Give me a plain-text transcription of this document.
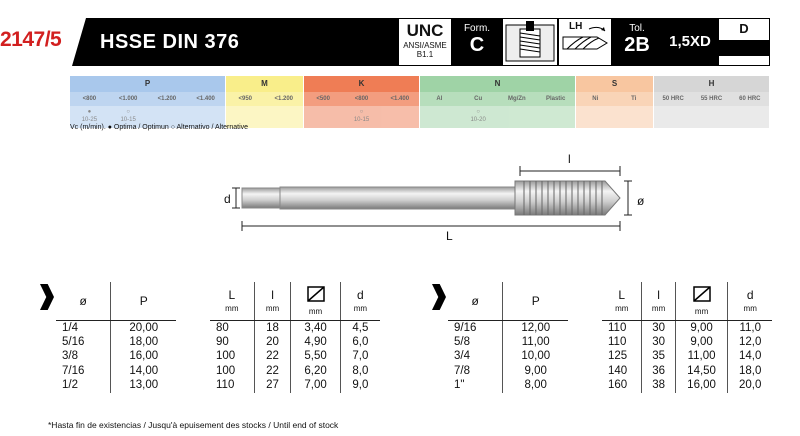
2147/5	HSSE DIN 376
UNC
ANSI/ASME
B1.1
Form.
C
LH	Tol.
2B	1,5XD
D
P
<800	<1.000	<1.200	<1.400
●
10-25
○
10-15
M
<950	<1.200
K
<500	<800	<1.400
○
10-15
N
Al	Cu	Mg/Zn	Plastic
○
10-20
S
Ni	Ti
H
50 HRC	55 HRC	60 HRC
Vc (m/min). ● Optima / Optimun ○ Alternativo / Alternative
l
d	ø
L
ø	P
1/4	20,00
5/16	18,00
3/8	16,00
7/16	14,00
1/2	13,00
L
mm	l
mm	mm	d
mm

80	18	3,40	4,5
90	20	4,90	6,0
100	22	5,50	7,0
100	22	6,20	8,0
110	27	7,00	9,0
ø	P
9/16	12,00
5/8	11,00
3/4	10,00
7/8	9,00
1"	8,00
L
mm	l
mm	mm	d
mm

110	30	9,00	11,0
110	30	9,00	12,0
125	35	11,00	14,0
140	36	14,50	18,0
160	38	16,00	20,0
*Hasta fin de existencias / Jusqu'à epuisement des stocks / Until end of stock
